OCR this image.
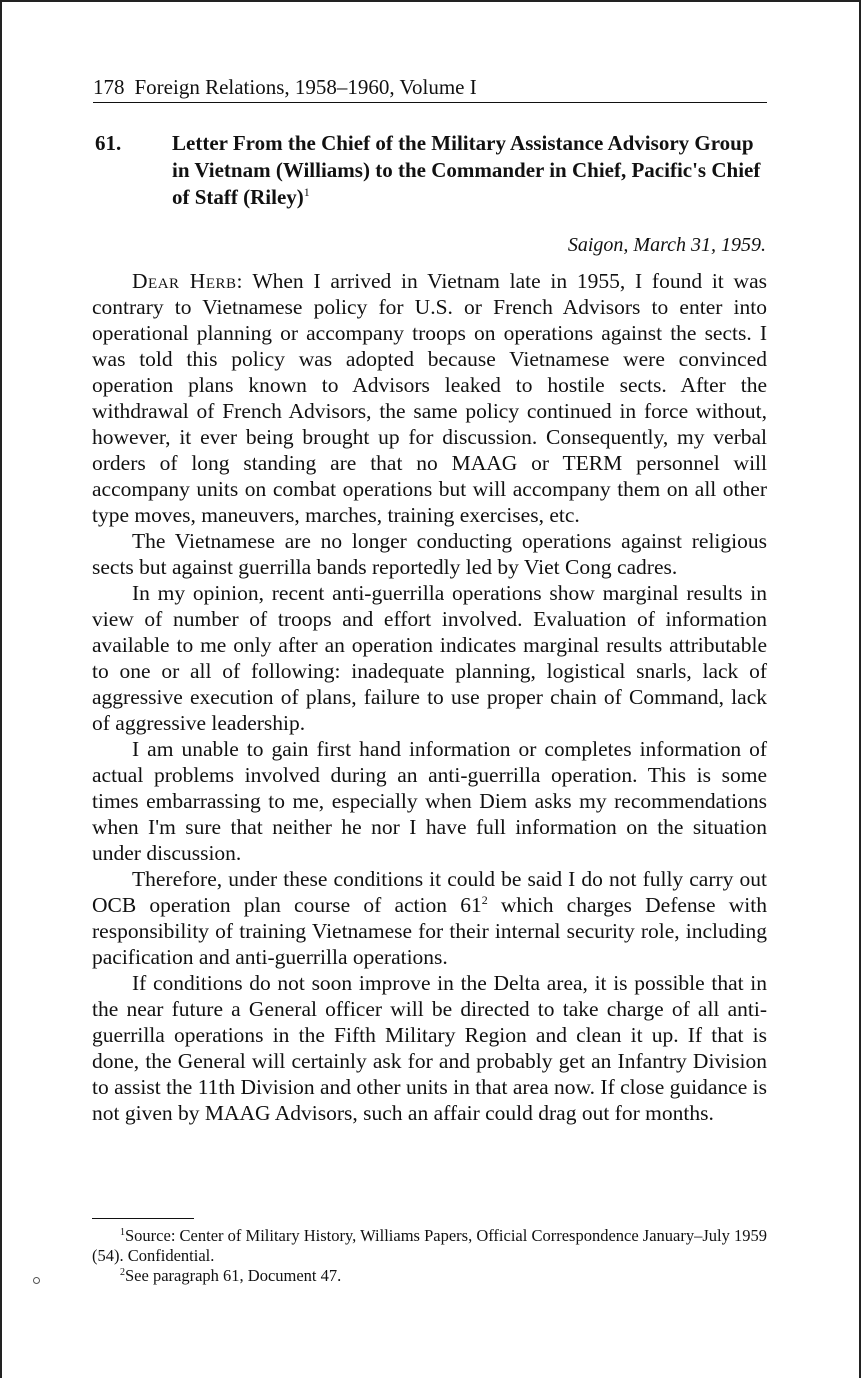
178 Foreign Relations, 1958–1960, Volume I
61. Letter From the Chief of the Military Assistance Advisory Group in Vietnam (Williams) to the Commander in Chief, Pacific's Chief of Staff (Riley)$^1$
Saigon, March 31, 1959.

Dear Herb: When I arrived in Vietnam late in 1955, I found it was contrary to Vietnamese policy for U.S. or French Advisors to enter into operational planning or accompany troops on operations against the sects. I was told this policy was adopted because Vietnamese were convinced operation plans known to Advisors leaked to hostile sects. After the withdrawal of French Advisors, the same policy continued in force without, however, it ever being brought up for discussion. Consequently, my verbal orders of long standing are that no MAAG or TERM personnel will accompany units on combat operations but will accompany them on all other type moves, maneuvers, marches, training exercises, etc.

The Vietnamese are no longer conducting operations against religious sects but against guerrilla bands reportedly led by Viet Cong cadres.

In my opinion, recent anti-guerrilla operations show marginal results in view of number of troops and effort involved. Evaluation of information available to me only after an operation indicates marginal results attributable to one or all of following: inadequate planning, logistical snarls, lack of aggressive execution of plans, failure to use proper chain of Command, lack of aggressive leadership.

I am unable to gain first hand information or completes information of actual problems involved during an anti-guerrilla operation. This is some times embarrassing to me, especially when Diem asks my recommendations when I'm sure that neither he nor I have full information on the situation under discussion.

Therefore, under these conditions it could be said I do not fully carry out OCB operation plan course of action $61^2$ which charges Defense with responsibility of training Vietnamese for their internal security role, including pacification and anti-guerrilla operations.

If conditions do not soon improve in the Delta area, it is possible that in the near future a General officer will be directed to take charge of all anti-guerrilla operations in the Fifth Military Region and clean it up. If that is done, the General will certainly ask for and probably get an Infantry Division to assist the 11th Division and other units in that area now. If close guidance is not given by MAAG Advisors, such an affair could drag out for months.

$^1$Source: Center of Military History, Williams Papers, Official Correspondence January–July 1959 (54). Confidential.

$^2$See paragraph 61, Document 47.
